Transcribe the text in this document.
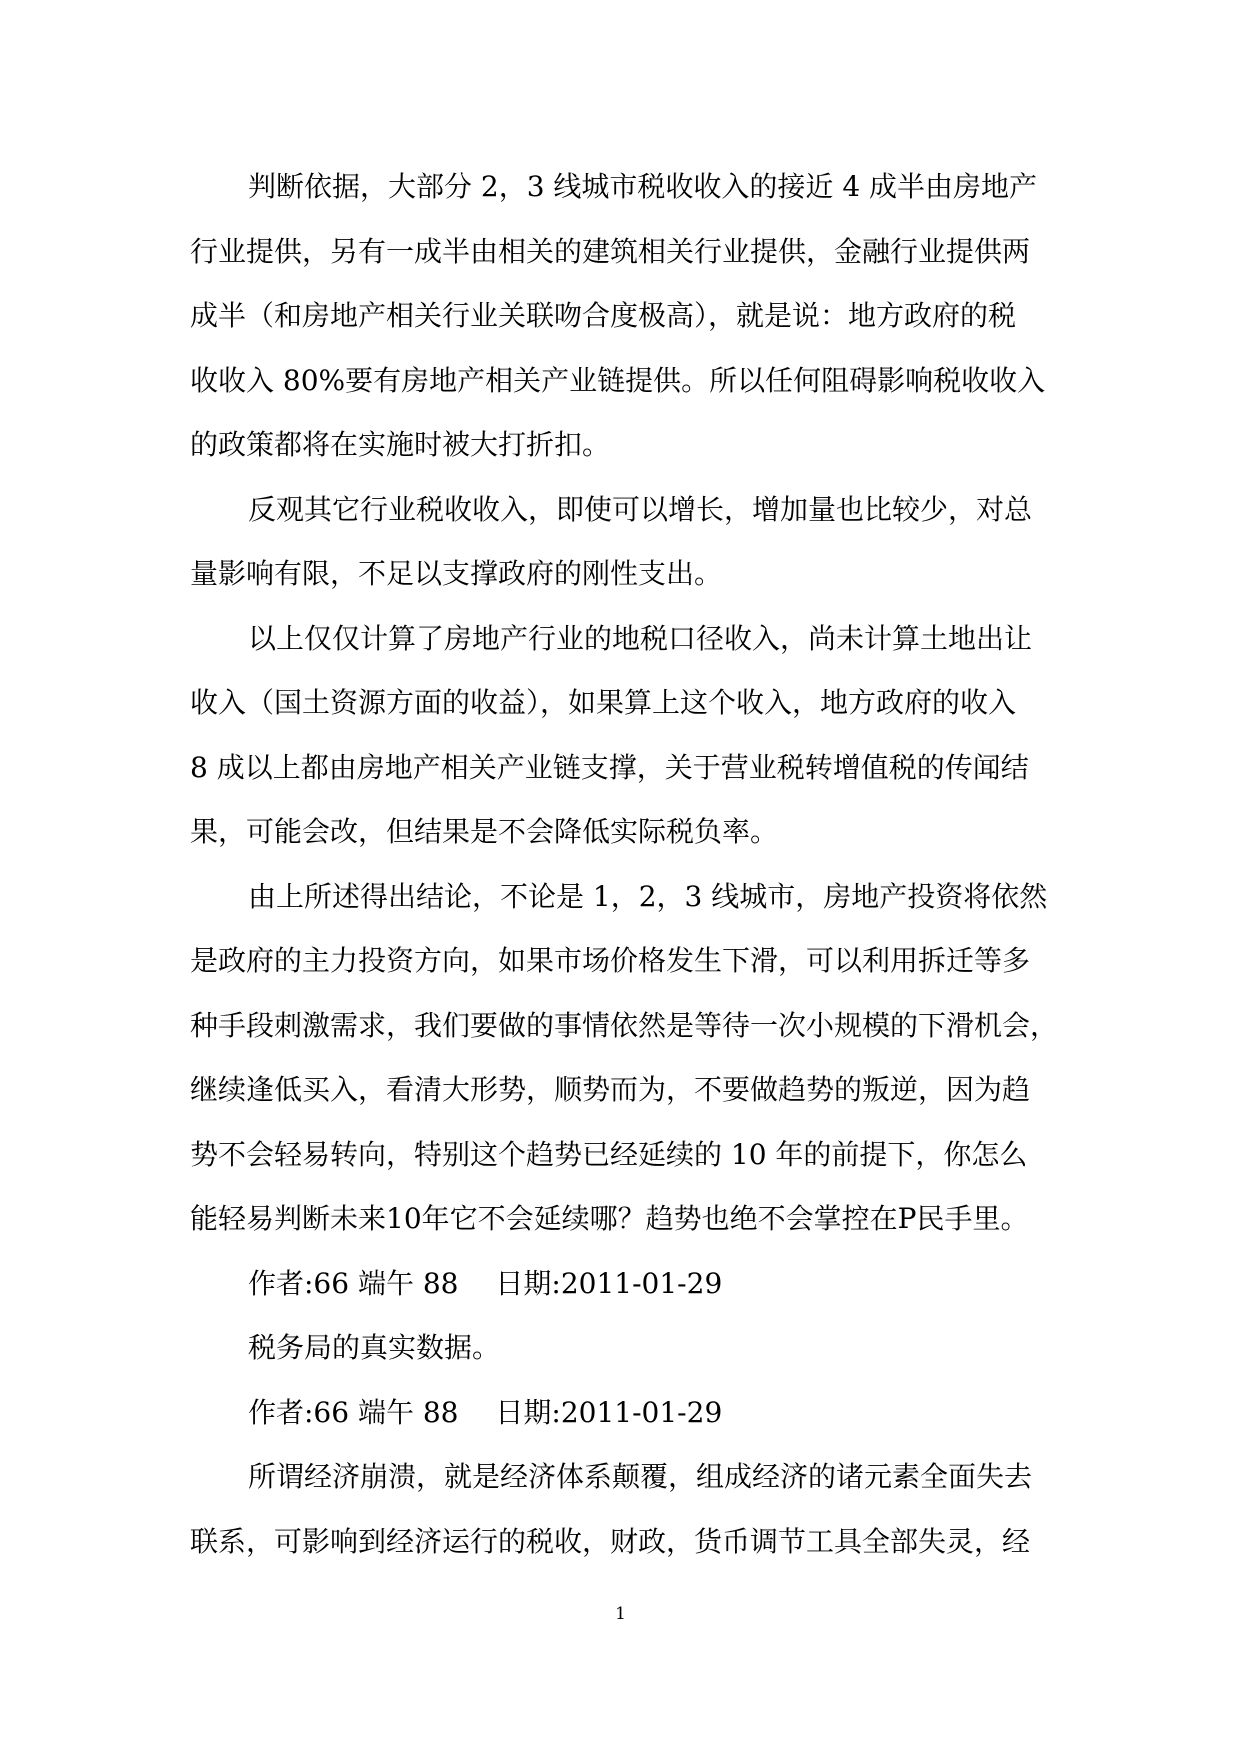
判断依据，大部分 2，3 线城市税收收入的接近 4 成半由房地产
行业提供，另有一成半由相关的建筑相关行业提供，金融行业提供两
成半（和房地产相关行业关联吻合度极高），就是说：地方政府的税
收收入 80%要有房地产相关产业链提供。所以任何阻碍影响税收收入
的政策都将在实施时被大打折扣。

反观其它行业税收收入，即使可以增长，增加量也比较少，对总
量影响有限，不足以支撑政府的刚性支出。

以上仅仅计算了房地产行业的地税口径收入，尚未计算土地出让
收入（国土资源方面的收益），如果算上这个收入，地方政府的收入
8 成以上都由房地产相关产业链支撑，关于营业税转增值税的传闻结
果，可能会改，但结果是不会降低实际税负率。

由上所述得出结论，不论是 1，2，3 线城市，房地产投资将依然
是政府的主力投资方向，如果市场价格发生下滑，可以利用拆迁等多
种手段刺激需求，我们要做的事情依然是等待一次小规模的下滑机会，
继续逢低买入，看清大形势，顺势而为，不要做趋势的叛逆，因为趋
势不会轻易转向，特别这个趋势已经延续的 10 年的前提下，你怎么
能轻易判断未来10年它不会延续哪？趋势也绝不会掌控在P民手里。

作者:66 端午 88　 日期:2011-01-29

税务局的真实数据。

作者:66 端午 88　 日期:2011-01-29

所谓经济崩溃，就是经济体系颠覆，组成经济的诸元素全面失去
联系，可影响到经济运行的税收，财政，货币调节工具全部失灵，经

1
